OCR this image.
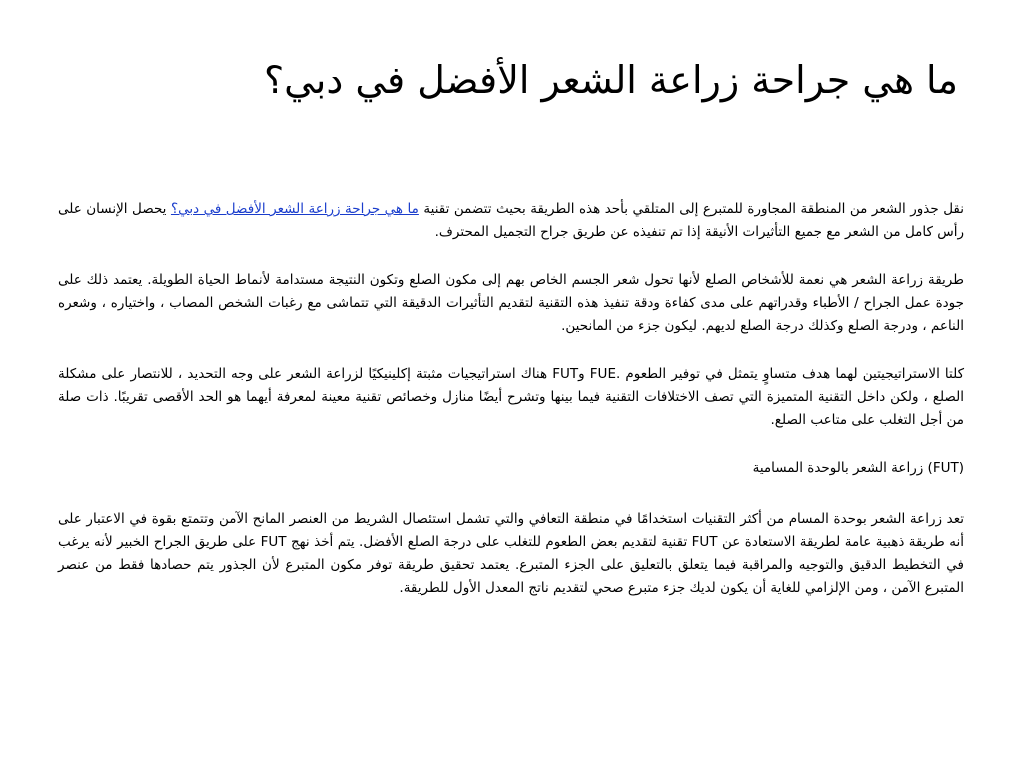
ما هي جراحة زراعة الشعر الأفضل في دبي؟

نقل جذور الشعر من المنطقة المجاورة للمتبرع إلى المتلقي بأحد هذه الطريقة بحيث تتضمن تقنية ما هي جراحة زراعة الشعر الأفضل في دبي؟ يحصل الإنسان على رأس كامل من الشعر مع جميع التأثيرات الأنيقة إذا تم تنفيذه عن طريق جراح التجميل المحترف.

طريقة زراعة الشعر هي نعمة للأشخاص الصلع لأنها تحول شعر الجسم الخاص بهم إلى مكون الصلع وتكون النتيجة مستدامة لأنماط الحياة الطويلة. يعتمد ذلك على جودة عمل الجراح / الأطباء وقدراتهم على مدى كفاءة ودقة تنفيذ هذه التقنية لتقديم التأثيرات الدقيقة التي تتماشى مع رغبات الشخص المصاب ، واختياره ، وشعره الناعم ، ودرجة الصلع وكذلك درجة الصلع لديهم. ليكون جزء من المانحين.

كلتا الاستراتيجيتين لهما هدف متساوٍ يتمثل في توفير الطعوم .FUE وFUT هناك استراتيجيات مثبتة إكلينيكيًا لزراعة الشعر على وجه التحديد ، للانتصار على مشكلة الصلع ، ولكن داخل التقنية المتميزة التي تصف الاختلافات التقنية فيما بينها وتشرح أيضًا منازل وخصائص تقنية معينة لمعرفة أيهما هو الحد الأقصى تقريبًا. ذات صلة من أجل التغلب على متاعب الصلع.

(FUT) زراعة الشعر بالوحدة المسامية

تعد زراعة الشعر بوحدة المسام من أكثر التقنيات استخدامًا في منطقة التعافي والتي تشمل استئصال الشريط من العنصر المانح الآمن وتتمتع بقوة في الاعتبار على أنه طريقة ذهبية عامة لطريقة الاستعادة عن FUT تقنية لتقديم بعض الطعوم للتغلب على درجة الصلع الأفضل. يتم أخذ نهج FUT على طريق الجراح الخبير لأنه يرغب في التخطيط الدقيق والتوجيه والمراقبة فيما يتعلق بالتعليق على الجزء المتبرع. يعتمد تحقيق طريقة توفر مكون المتبرع لأن الجذور يتم حصادها فقط من عنصر المتبرع الآمن ، ومن الإلزامي للغاية أن يكون لديك جزء متبرع صحي لتقديم ناتج المعدل الأول للطريقة.
